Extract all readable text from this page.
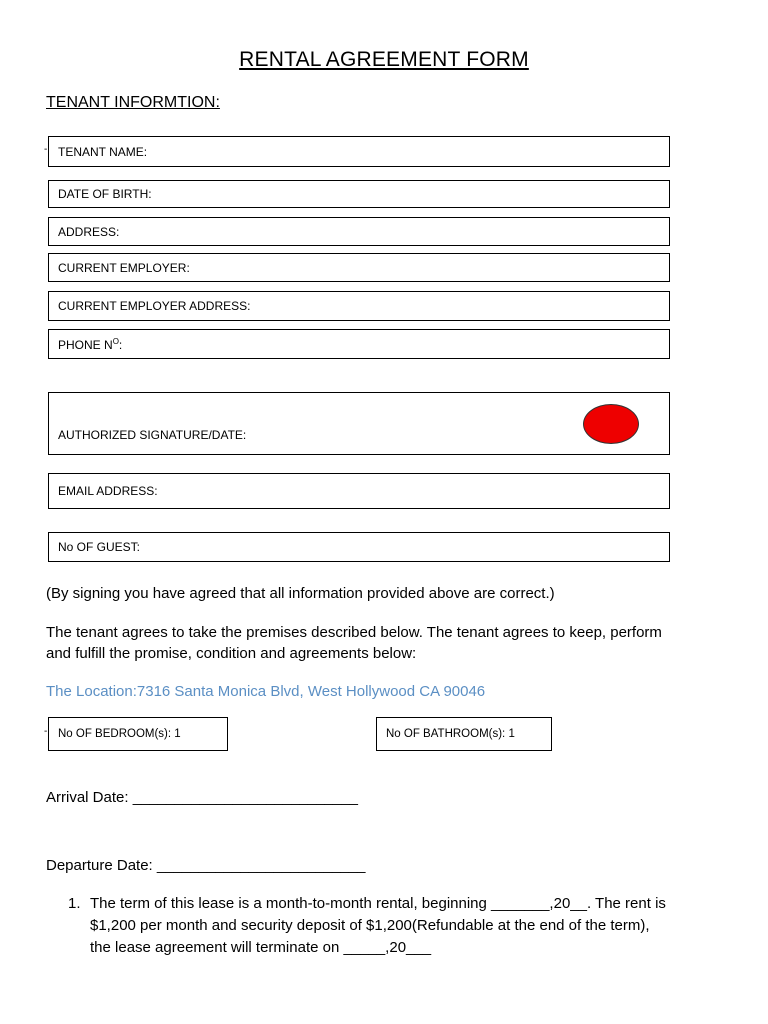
RENTAL AGREEMENT FORM
TENANT INFORMTION:
- TENANT NAME:
DATE OF BIRTH:
ADDRESS:
CURRENT EMPLOYER:
CURRENT EMPLOYER ADDRESS:
PHONE $N^O$:
AUTHORIZED SIGNATURE/DATE:
EMAIL ADDRESS:
No OF GUEST:
(By signing you have agreed that all information provided above are correct.)
The tenant agrees to take the premises described below. The tenant agrees to keep, perform
and fulfill the promise, condition and agreements below:
The Location:7316 Santa Monica Blvd, West Hollywood CA 90046
- No OF BEDROOM(s): 1	No OF BATHROOM(s): 1
Arrival Date: ___________________________
Departure Date: _________________________
1. The term of this lease is a month-to-month rental, beginning _______,20__. The rent is
$1,200 per month and security deposit of $1,200(Refundable at the end of the term),
the lease agreement will terminate on _____,20___
